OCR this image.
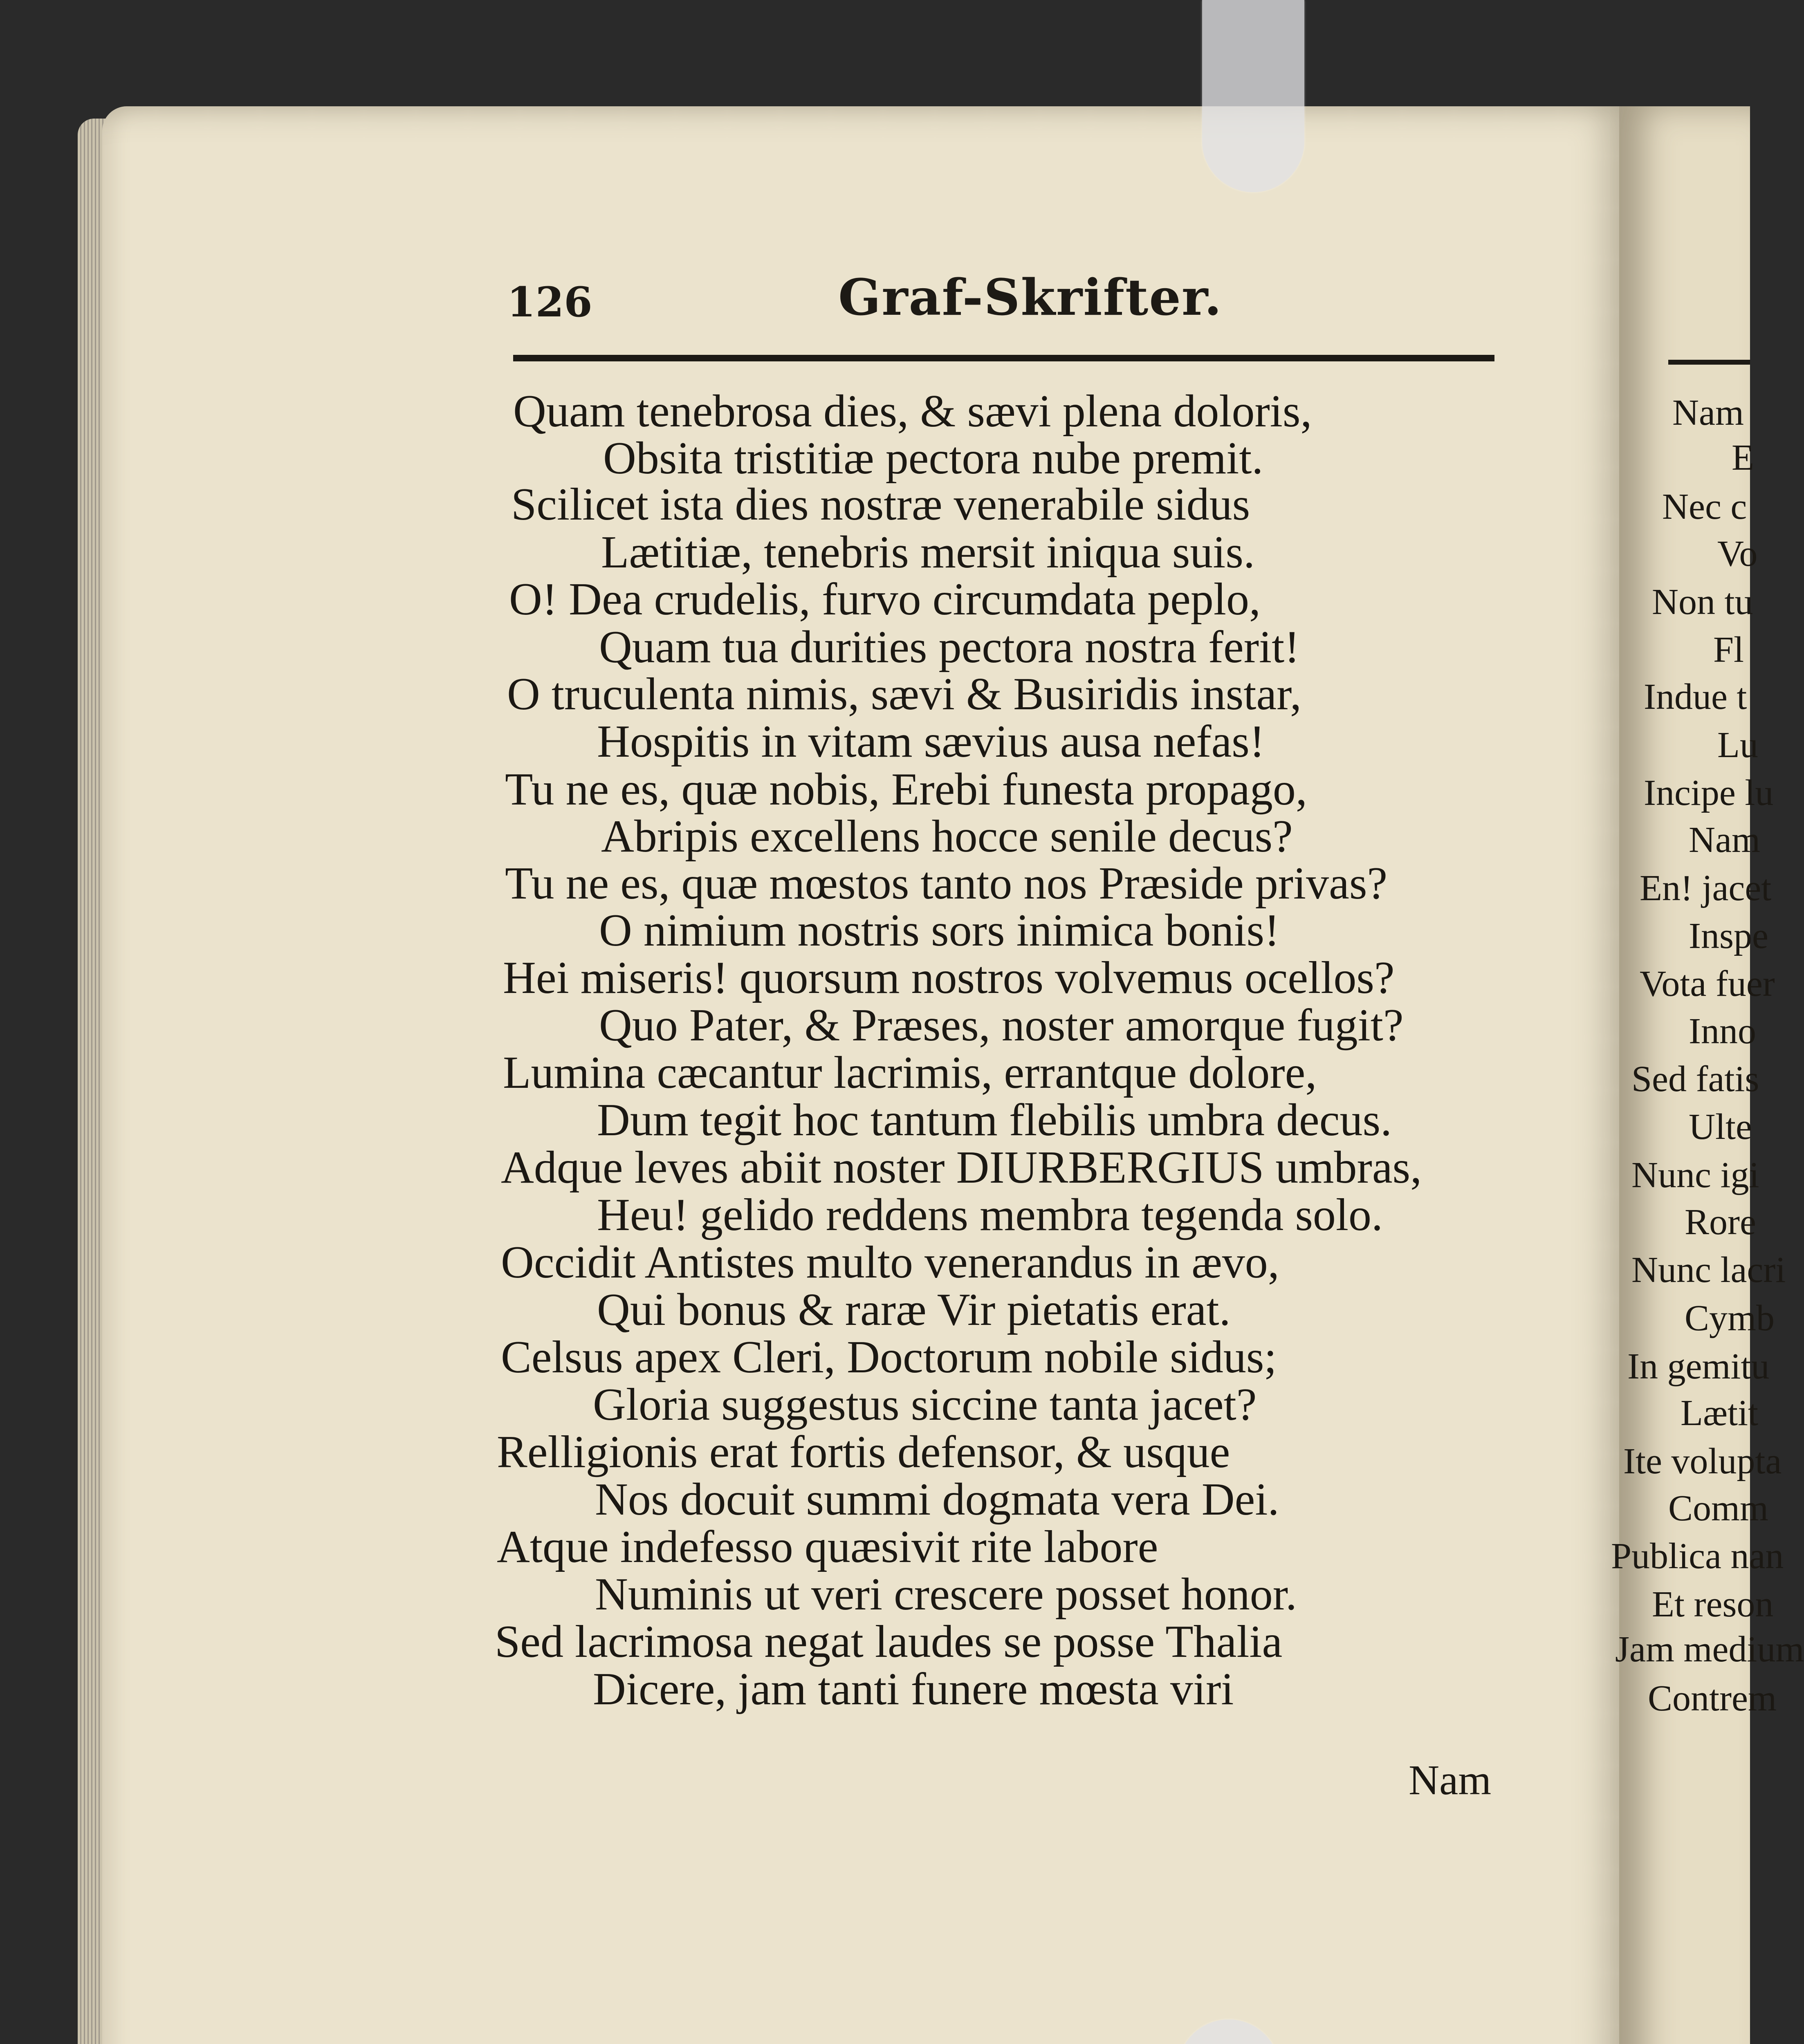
126	Graf-Skrifter.
Quam tenebrosa dies, & sævi plena doloris,
Obsita tristitiæ pectora nube premit.
Scilicet ista dies nostræ venerabile sidus
Lætitiæ, tenebris mersit iniqua suis.
O! Dea crudelis, furvo circumdata peplo,
Quam tua durities pectora nostra ferit!
O truculenta nimis, sævi & Busiridis instar,
Hospitis in vitam sævius ausa nefas!
Tu ne es, quæ nobis, Erebi funesta propago,
Abripis excellens hocce senile decus?
Tu ne es, quæ mœstos tanto nos Præside privas?
O nimium nostris sors inimica bonis!
Hei miseris! quorsum nostros volvemus ocellos?
Quo Pater, & Præses, noster amorque fugit?
Lumina cæcantur lacrimis, errantque dolore,
Dum tegit hoc tantum flebilis umbra decus.
Adque leves abiit noster DIURBERGIUS umbras,
Heu! gelido reddens membra tegenda solo.
Occidit Antistes multo venerandus in ævo,
Qui bonus & raræ Vir pietatis erat.
Celsus apex Cleri, Doctorum nobile sidus;
Gloria suggestus siccine tanta jacet?
Relligionis erat fortis defensor, & usque
Nos docuit summi dogmata vera Dei.
Atque indefesso quæsivit rite labore
Numinis ut veri crescere posset honor.
Sed lacrimosa negat laudes se posse Thalia
Dicere, jam tanti funere mœsta viri
Nam
Nam
E
Nec c
Vo
Non tu
Fl
Indue t
Lu
Incipe lu
Nam
En! jacet
Inspe
Vota fuer
Inno
Sed fatis
Ulte
Nunc igi
Rore
Nunc lacri
Cymb
In gemitu
Lætit
Ite volupta
Comm
Publica nan
Et reson
Jam medium
Contrem
